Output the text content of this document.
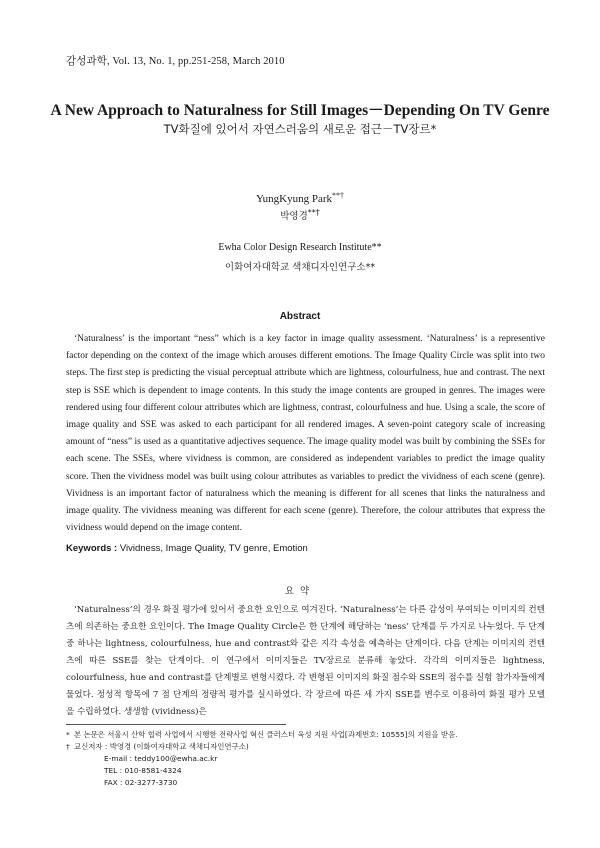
감성과학, Vol. 13, No. 1, pp.251-258, March 2010
A New Approach to Naturalness for Still Images－Depending On TV Genre
TV화질에 있어서 자연스러움의 새로운 접근－TV장르*
YungKyung Park**†
박영경**†
Ewha Color Design Research Institute**
이화여자대학교 색채디자인연구소**
Abstract

‘Naturalness’ is the important “ness” which is a key factor in image quality assessment. ‘Naturalness’ is a representive factor depending on the context of the image which arouses different emotions. The Image Quality Circle was split into two steps. The first step is predicting the visual perceptual attribute which are lightness, colourfulness, hue and contrast. The next step is SSE which is dependent to image contents. In this study the image contents are grouped in genres. The images were rendered using four different colour attributes which are lightness, contrast, colourfulness and hue. Using a scale, the score of image quality and SSE was asked to each participant for all rendered images. A seven-point category scale of increasing amount of “ness” is used as a quantitative adjectives sequence. The image quality model was built by combining the SSEs for each scene. The SSEs, where vividness is common, are considered as independent variables to predict the image quality score. Then the vividness model was built using colour attributes as variables to predict the vividness of each scene (genre). Vividness is an important factor of naturalness which the meaning is different for all scenes that links the naturalness and image quality. The vividness meaning was different for each scene (genre). Therefore, the colour attributes that express the vividness would depend on the image content.

Keywords : Vividness, Image Quality, TV genre, Emotion
요약

‘Naturalness’의 경우 화질 평가에 있어서 중요한 요인으로 여겨진다. ‘Naturalness’는 다른 감성이 부여되는 이미지의 컨텐츠에 의존하는 중요한 요인이다. The Image Quality Circle은 한 단계에 해당하는 ‘ness’ 단계를 두 가지로 나누었다. 두 단계 중 하나는 lightness, colourfulness, hue and contrast와 같은 지각 속성을 예측하는 단계이다. 다음 단계는 이미지의 컨텐츠에 따른 SSE를 찾는 단계이다. 이 연구에서 이미지들은 TV장르로 분류해 놓았다. 각각의 이미지들은 lightness, colourfulness, hue and contrast를 단계별로 변형시켰다. 각 변형된 이미지의 화질 점수와 SSE의 점수를 실험 참가자들에게 물었다. 정성적 항목에 7 점 단계의 정량적 평가를 실시하였다. 각 장르에 따른 세 가지 SSE를 변수로 이용하여 화질 평가 모델을 수립하였다. 생생함 (vividness)은

* 본 논문은 서울시 산학 협력 사업에서 시행한 전략사업 혁신 클러스터 육성 지원 사업[과제번호: 10555]의 지원을 받음.
† 교신저자 : 박영경 (이화여자대학교 색채디자인연구소)
E-mail : teddy100@ewha.ac.kr
TEL : 010-8581-4324
FAX : 02-3277-3730
